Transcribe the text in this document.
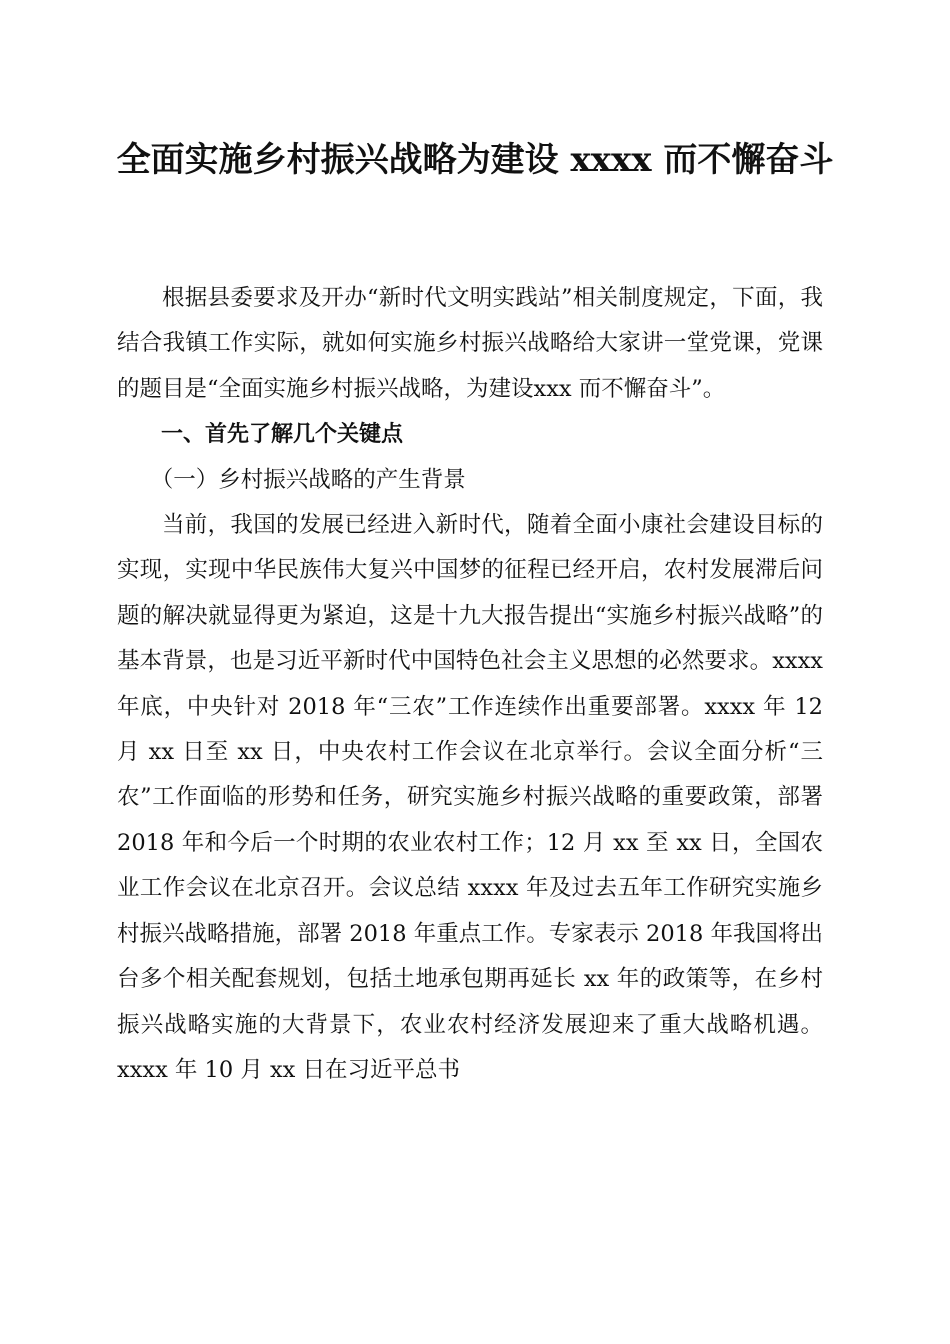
全面实施乡村振兴战略为建设 xxxx 而不懈奋斗

根据县委要求及开办“新时代文明实践站”相关制度规定，下面，我结合我镇工作实际，就如何实施乡村振兴战略给大家讲一堂党课，党课的题目是“全面实施乡村振兴战略，为建设xxx 而不懈奋斗”。

一、首先了解几个关键点

（一）乡村振兴战略的产生背景

当前，我国的发展已经进入新时代，随着全面小康社会建设目标的实现，实现中华民族伟大复兴中国梦的征程已经开启，农村发展滞后问题的解决就显得更为紧迫，这是十九大报告提出“实施乡村振兴战略”的基本背景，也是习近平新时代中国特色社会主义思想的必然要求。xxxx 年底，中央针对 2018 年“三农”工作连续作出重要部署。xxxx 年 12 月 xx 日至 xx 日，中央农村工作会议在北京举行。会议全面分析“三农”工作面临的形势和任务，研究实施乡村振兴战略的重要政策，部署 2018 年和今后一个时期的农业农村工作；12 月 xx 至 xx 日，全国农业工作会议在北京召开。会议总结 xxxx 年及过去五年工作研究实施乡村振兴战略措施，部署 2018 年重点工作。专家表示 2018 年我国将出台多个相关配套规划，包括土地承包期再延长 xx 年的政策等，在乡村振兴战略实施的大背景下，农业农村经济发展迎来了重大战略机遇。xxxx 年 10 月 xx 日在习近平总书
